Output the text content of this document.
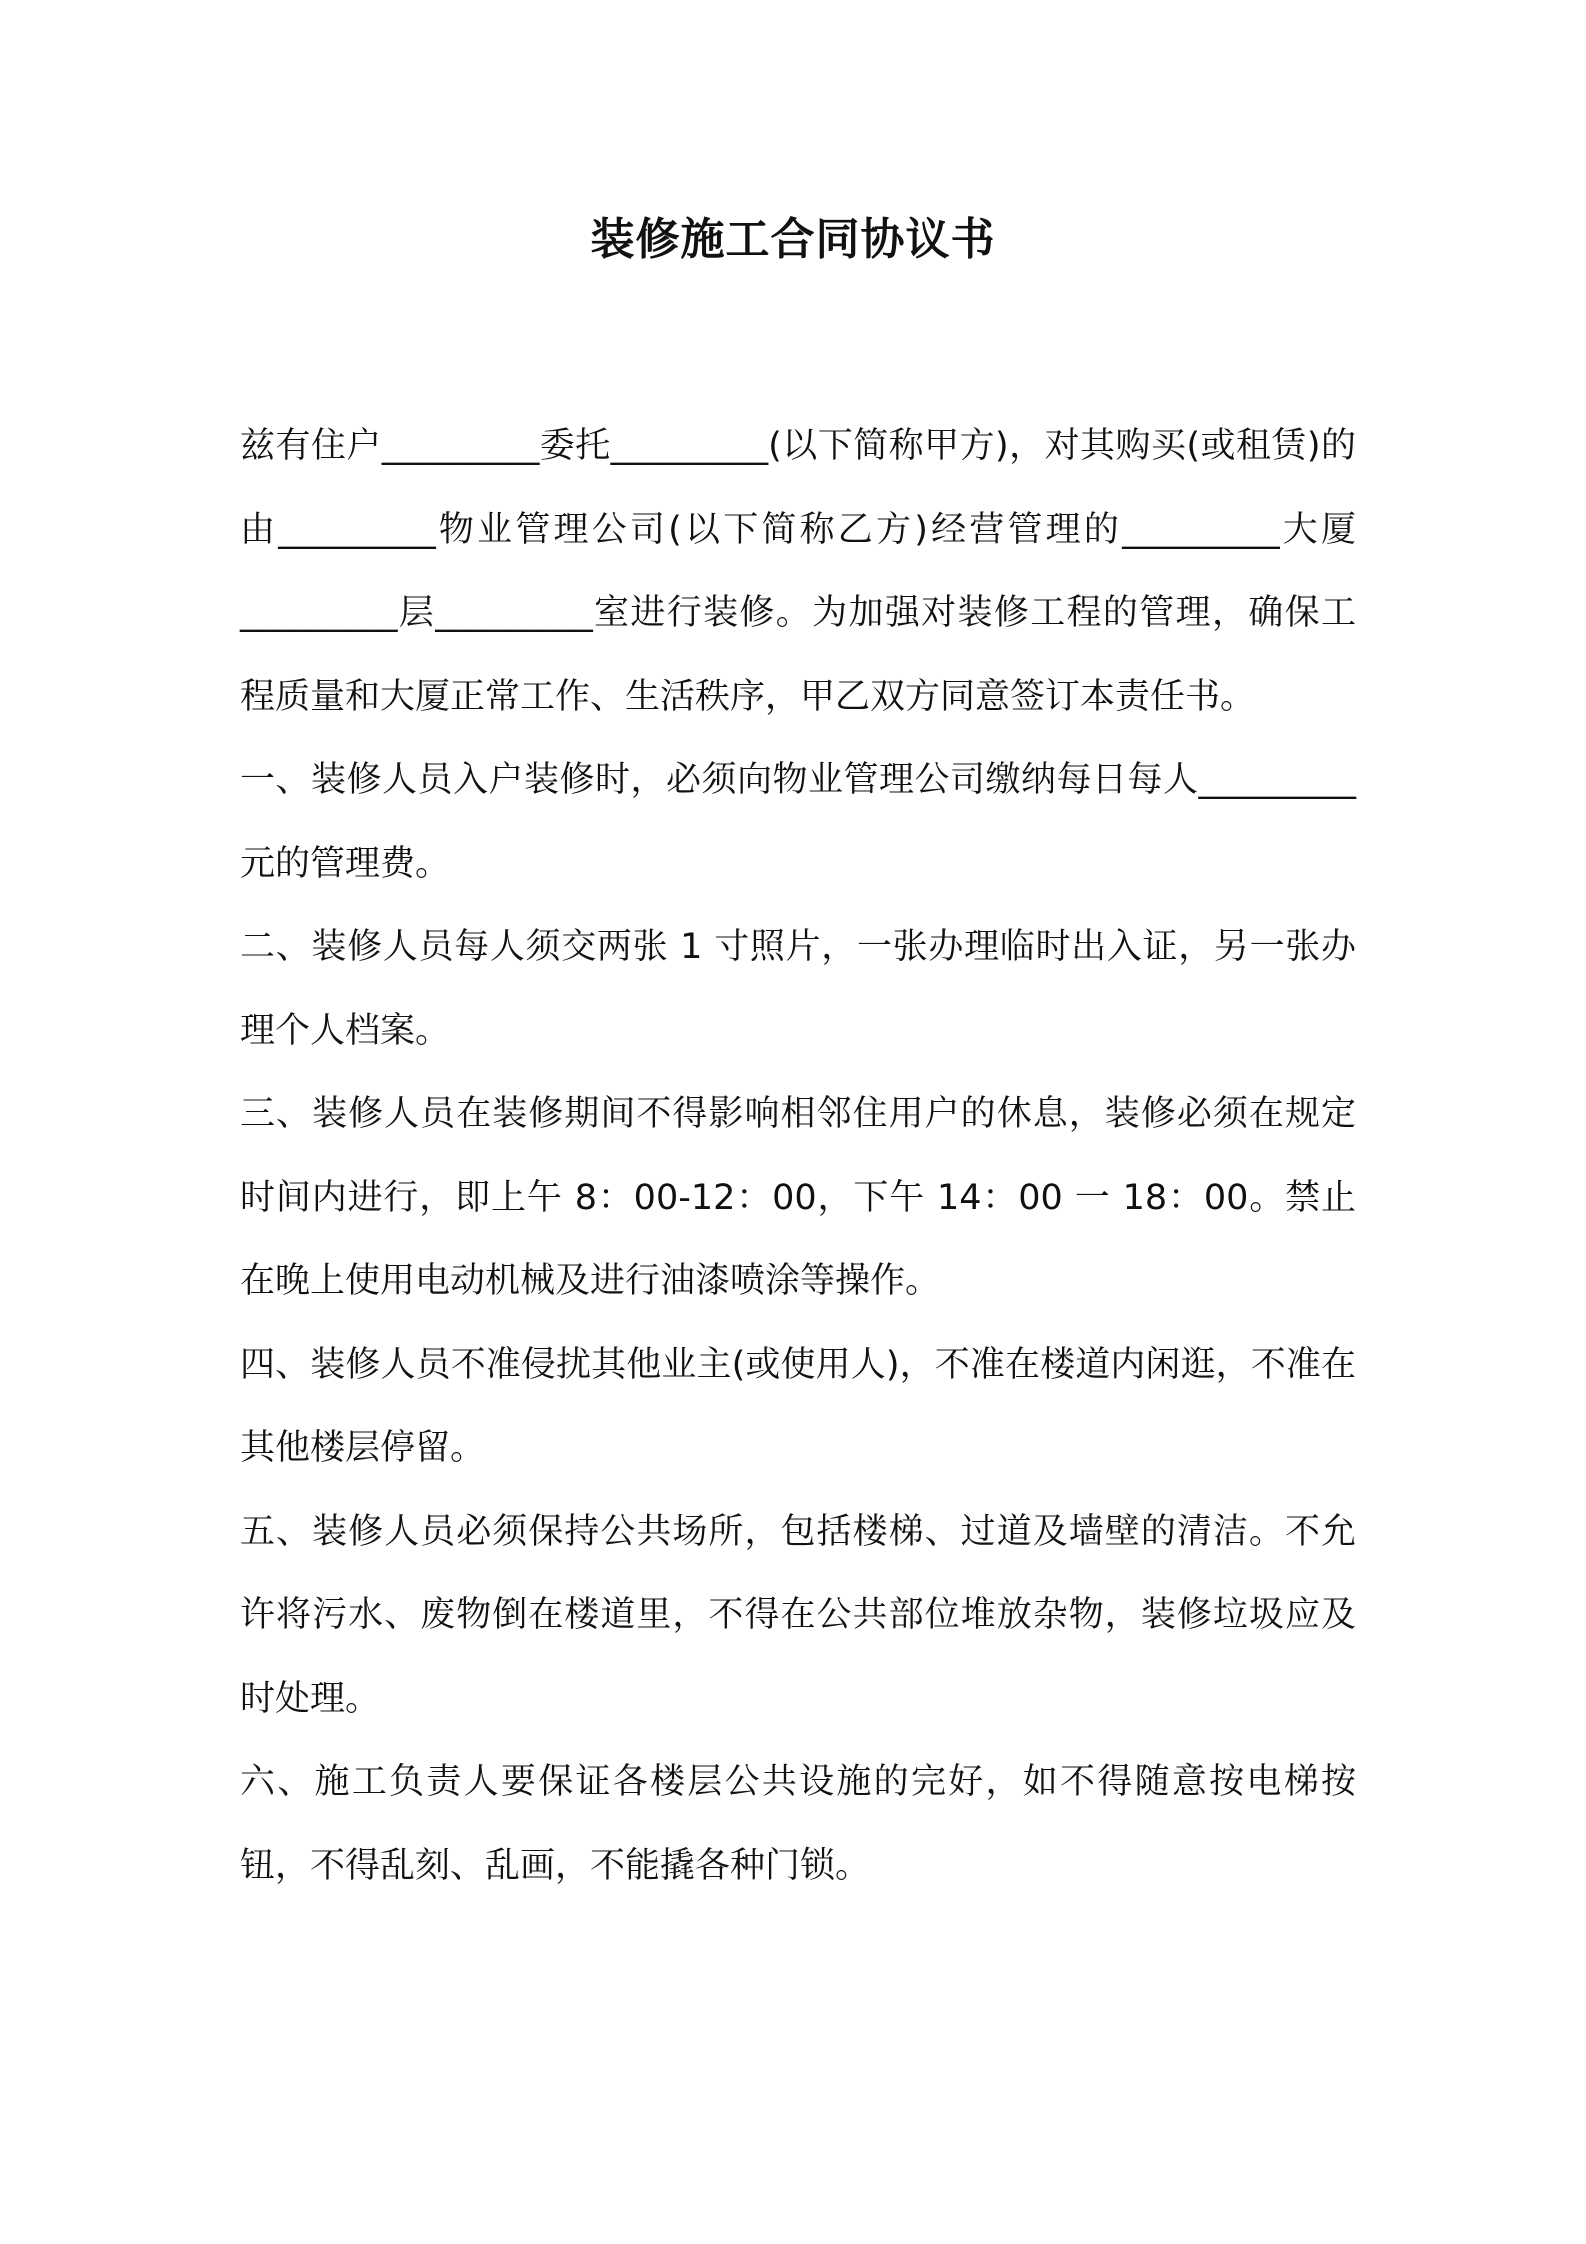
装修施工合同协议书

兹有住户_________委托_________(以下简称甲方)，对其购买(或租赁)的由_________物业管理公司(以下简称乙方)经营管理的_________大厦_________层_________室进行装修。为加强对装修工程的管理，确保工程质量和大厦正常工作、生活秩序，甲乙双方同意签订本责任书。

一、装修人员入户装修时，必须向物业管理公司缴纳每日每人_________元的管理费。

二、装修人员每人须交两张 1 寸照片，一张办理临时出入证，另一张办理个人档案。

三、装修人员在装修期间不得影响相邻住用户的休息，装修必须在规定时间内进行，即上午 8：00-12：00，下午 14：00 一 18：00。禁止在晚上使用电动机械及进行油漆喷涂等操作。

四、装修人员不准侵扰其他业主(或使用人)，不准在楼道内闲逛，不准在其他楼层停留。

五、装修人员必须保持公共场所，包括楼梯、过道及墙壁的清洁。不允许将污水、废物倒在楼道里，不得在公共部位堆放杂物，装修垃圾应及时处理。

六、施工负责人要保证各楼层公共设施的完好，如不得随意按电梯按钮，不得乱刻、乱画，不能撬各种门锁。
